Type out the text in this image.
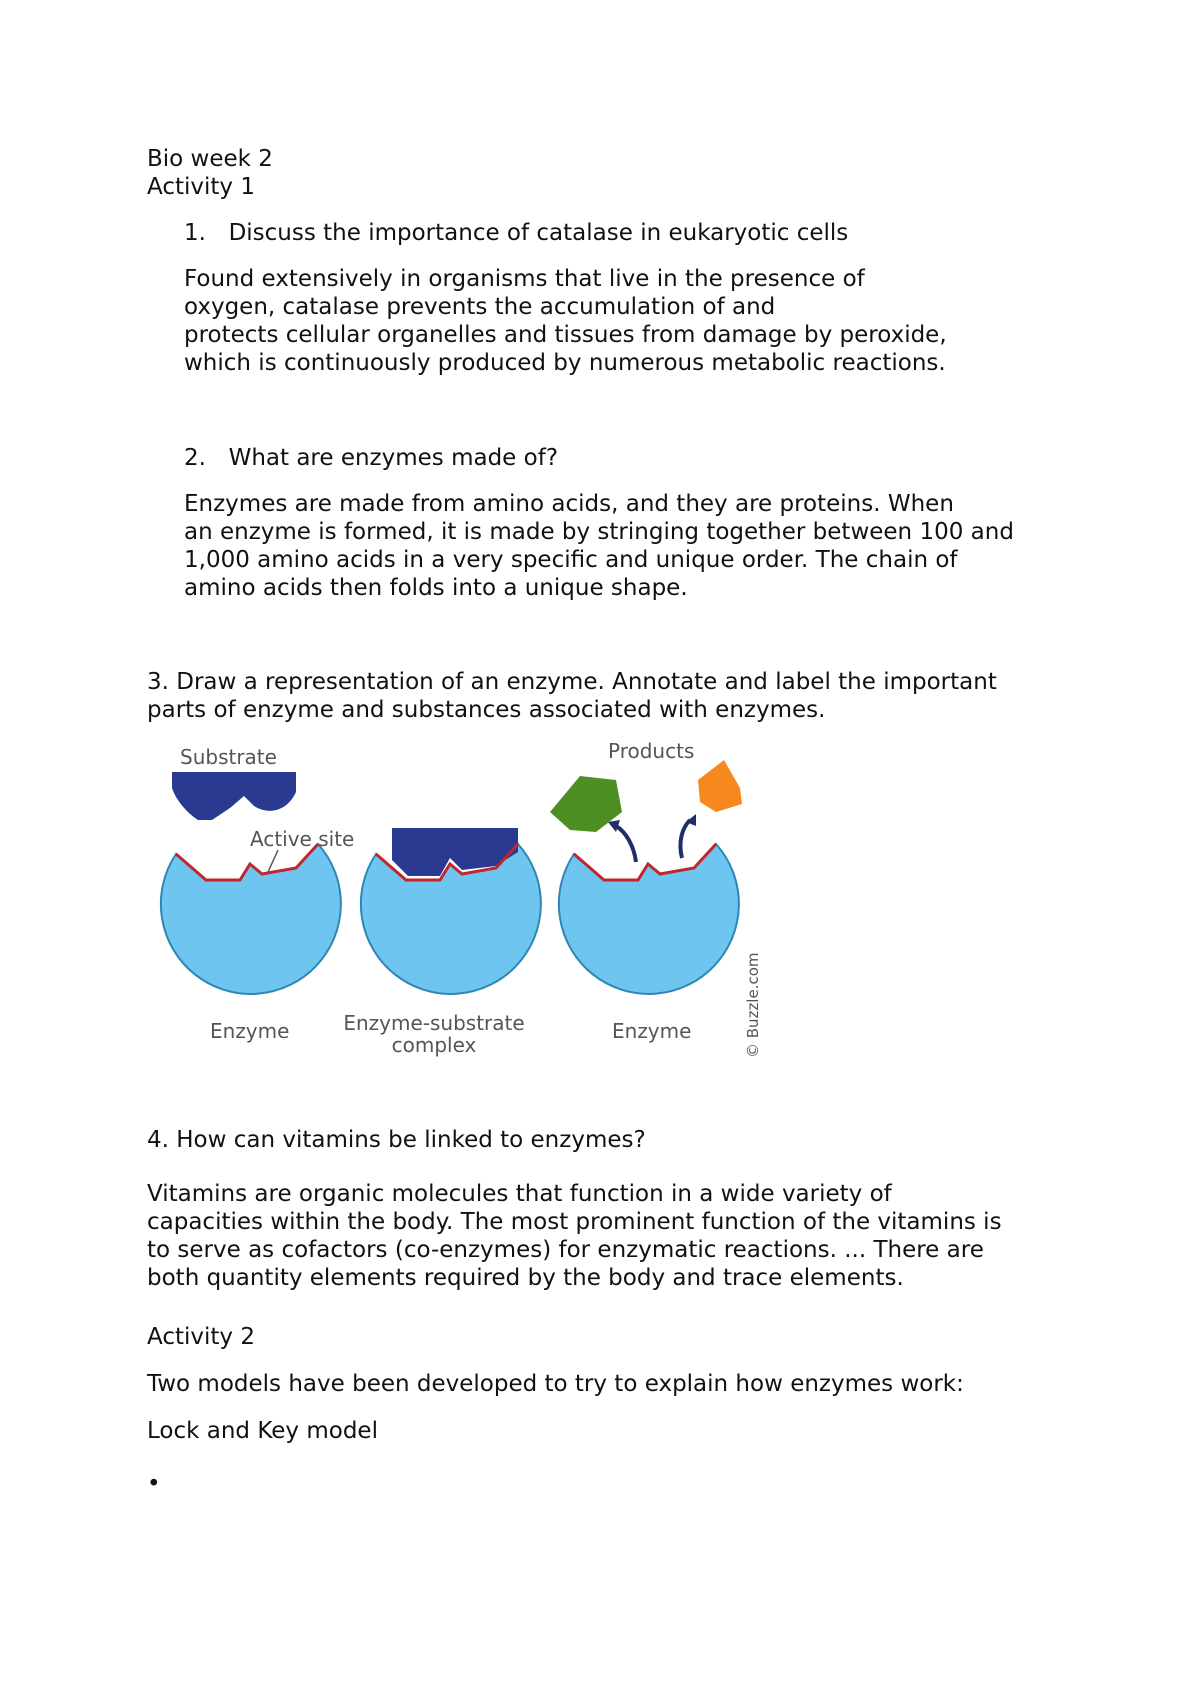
Bio week 2

Activity 1

1. Discuss the importance of catalase in eukaryotic cells

Found extensively in organisms that live in the presence of
oxygen, catalase prevents the accumulation of and
protects cellular organelles and tissues from damage by peroxide,
which is continuously produced by numerous metabolic reactions.

2. What are enzymes made of?

Enzymes are made from amino acids, and they are proteins. When
an enzyme is formed, it is made by stringing together between 100 and
1,000 amino acids in a very specific and unique order. The chain of
amino acids then folds into a unique shape.
3. Draw a representation of an enzyme. Annotate and label the important
parts of enzyme and substances associated with enzymes.
Substrate
Active site
Enzyme	Enzyme-substrate
complex
Enzyme
Products
© Buzzle.com

4. How can vitamins be linked to enzymes?

Vitamins are organic molecules that function in a wide variety of
capacities within the body. The most prominent function of the vitamins is
to serve as cofactors (co-enzymes) for enzymatic reactions. ... There are
both quantity elements required by the body and trace elements.

Activity 2

Two models have been developed to try to explain how enzymes work:

Lock and Key model

•
